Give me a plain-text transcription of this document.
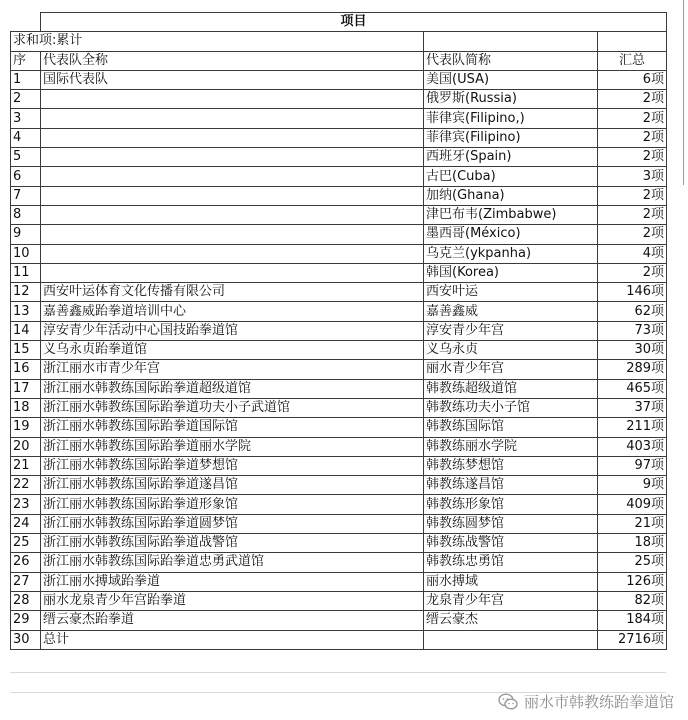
	项目		
求和项:累计			
序	代表队全称	代表队简称	汇总
1	国际代表队	美国(USA)	6项
2		俄罗斯(Russia)	2项
3		菲律宾(Filipino,)	2项
4		菲律宾(Filipino)	2项
5		西班牙(Spain)	2项
6		古巴(Cuba)	3项
7		加纳(Ghana)	2项
8		津巴布韦(Zimbabwe)	2项
9		墨西哥(México)	2项
10		乌克兰(ykpanha)	4项
11		韩国(Korea)	2项
12	西安叶运体育文化传播有限公司	西安叶运	146项
13	嘉善鑫威跆拳道培训中心	嘉善鑫威	62项
14	淳安青少年活动中心国技跆拳道馆	淳安青少年宫	73项
15	义乌永贞跆拳道馆	义乌永贞	30项
16	浙江丽水市青少年宫	丽水青少年宫	289项
17	浙江丽水韩教练国际跆拳道超级道馆	韩教练超级道馆	465项
18	浙江丽水韩教练国际跆拳道功夫小子武道馆	韩教练功夫小子馆	37项
19	浙江丽水韩教练国际跆拳道国际馆	韩教练国际馆	211项
20	浙江丽水韩教练国际跆拳道丽水学院	韩教练丽水学院	403项
21	浙江丽水韩教练国际跆拳道梦想馆	韩教练梦想馆	97项
22	浙江丽水韩教练国际跆拳道遂昌馆	韩教练遂昌馆	9项
23	浙江丽水韩教练国际跆拳道形象馆	韩教练形象馆	409项
24	浙江丽水韩教练国际跆拳道圆梦馆	韩教练圆梦馆	21项
25	浙江丽水韩教练国际跆拳道战警馆	韩教练战警馆	18项
26	浙江丽水韩教练国际跆拳道忠勇武道馆	韩教练忠勇馆	25项
27	浙江丽水搏域跆拳道	丽水搏域	126项
28	丽水龙泉青少年宫跆拳道	龙泉青少年宫	82项
29	缙云豪杰跆拳道	缙云豪杰	184项
30	总计		2716项
丽水市韩教练跆拳道馆
